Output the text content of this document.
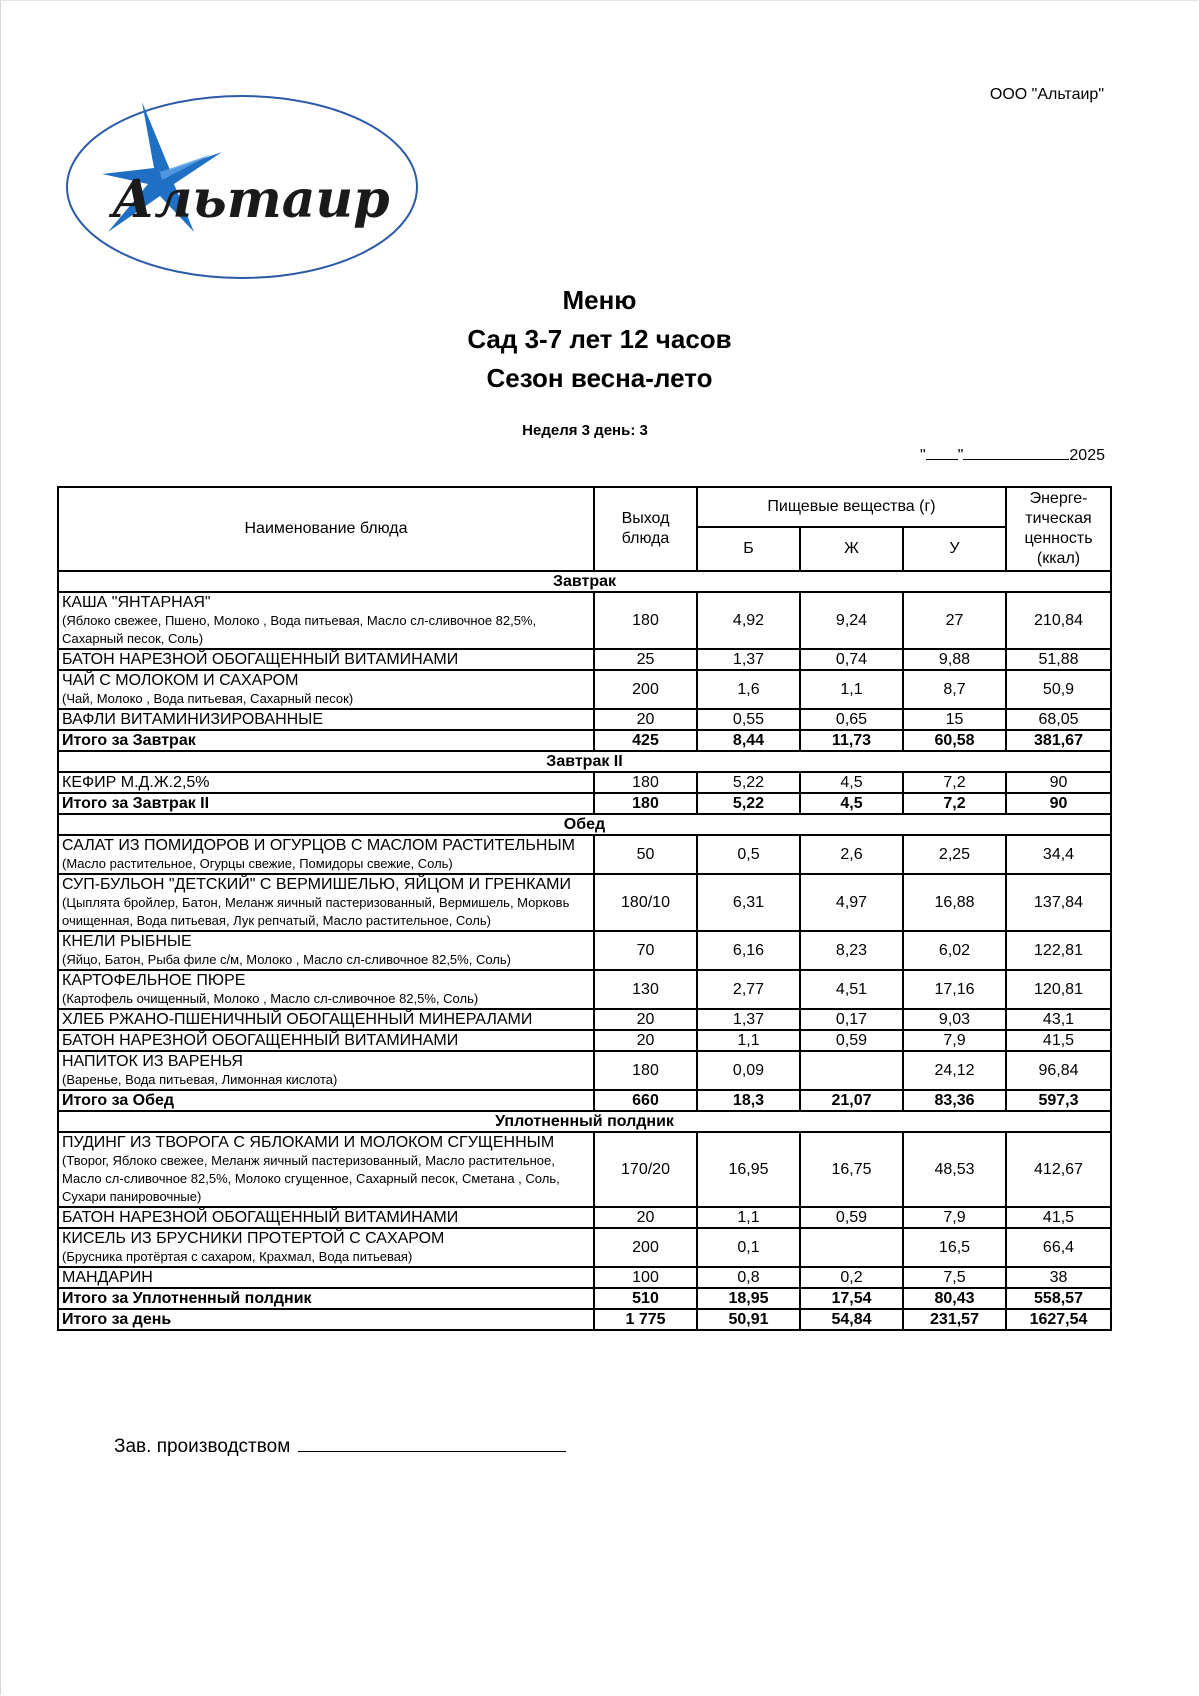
Альтаир
ООО "Альтаир"
Меню
Сад 3-7 лет 12 часов
Сезон весна-лето
Неделя 3 день: 3
" "	2025
Наименование блюда	Выход блюда	Пищевые вещества (г)			Энерге- тическая ценность (ккал)
		Б	Ж	У	
Завтрак					

КАША "ЯНТАРНАЯ"
(Яблоко свежее, Пшено, Молоко , Вода питьевая, Масло сл-сливочное 82,5%, Сахарный песок, Соль)	180	4,92	9,24	27	210,84

БАТОН НАРЕЗНОЙ ОБОГАЩЕННЫЙ ВИТАМИНАМИ	25	1,37	0,74	9,88	51,88

ЧАЙ С МОЛОКОМ И САХАРОМ
(Чай, Молоко , Вода питьевая, Сахарный песок)	200	1,6	1,1	8,7	50,9

ВАФЛИ ВИТАМИНИЗИРОВАННЫЕ	20	0,55	0,65	15	68,05
Итого за Завтрак	425	8,44	11,73	60,58	381,67
Завтрак II					

КЕФИР М.Д.Ж.2,5%	180	5,22	4,5	7,2	90
Итого за Завтрак II	180	5,22	4,5	7,2	90
Обед					

САЛАТ ИЗ ПОМИДОРОВ И ОГУРЦОВ С МАСЛОМ РАСТИТЕЛЬНЫМ
(Масло растительное, Огурцы свежие, Помидоры свежие, Соль)	50	0,5	2,6	2,25	34,4

СУП-БУЛЬОН "ДЕТСКИЙ" С ВЕРМИШЕЛЬЮ, ЯЙЦОМ И ГРЕНКАМИ
(Цыплята бройлер, Батон, Меланж яичный пастеризованный, Вермишель, Морковь очищенная, Вода питьевая, Лук репчатый, Масло растительное, Соль)	180/10	6,31	4,97	16,88	137,84

КНЕЛИ РЫБНЫЕ
(Яйцо, Батон, Рыба филе с/м, Молоко , Масло сл-сливочное 82,5%, Соль)	70	6,16	8,23	6,02	122,81

КАРТОФЕЛЬНОЕ ПЮРЕ
(Картофель очищенный, Молоко , Масло сл-сливочное 82,5%, Соль)	130	2,77	4,51	17,16	120,81

ХЛЕБ РЖАНО-ПШЕНИЧНЫЙ ОБОГАЩЕННЫЙ МИНЕРАЛАМИ	20	1,37	0,17	9,03	43,1

БАТОН НАРЕЗНОЙ ОБОГАЩЕННЫЙ ВИТАМИНАМИ	20	1,1	0,59	7,9	41,5

НАПИТОК ИЗ ВАРЕНЬЯ
(Варенье, Вода питьевая, Лимонная кислота)	180	0,09		24,12	96,84
Итого за Обед	660	18,3	21,07	83,36	597,3
Уплотненный полдник					

ПУДИНГ ИЗ ТВОРОГА С ЯБЛОКАМИ И МОЛОКОМ СГУЩЕННЫМ
(Творог, Яблоко свежее, Меланж яичный пастеризованный, Масло растительное, Масло сл-сливочное 82,5%, Молоко сгущенное, Сахарный песок, Сметана , Соль, Сухари панировочные)	170/20	16,95	16,75	48,53	412,67

БАТОН НАРЕЗНОЙ ОБОГАЩЕННЫЙ ВИТАМИНАМИ	20	1,1	0,59	7,9	41,5

КИСЕЛЬ ИЗ БРУСНИКИ ПРОТЕРТОЙ С САХАРОМ
(Брусника протёртая с сахаром, Крахмал, Вода питьевая)	200	0,1		16,5	66,4

МАНДАРИН	100	0,8	0,2	7,5	38
Итого за Уплотненный полдник	510	18,95	17,54	80,43	558,57
Итого за день	1 775	50,91	54,84	231,57	1627,54
Зав. производством
